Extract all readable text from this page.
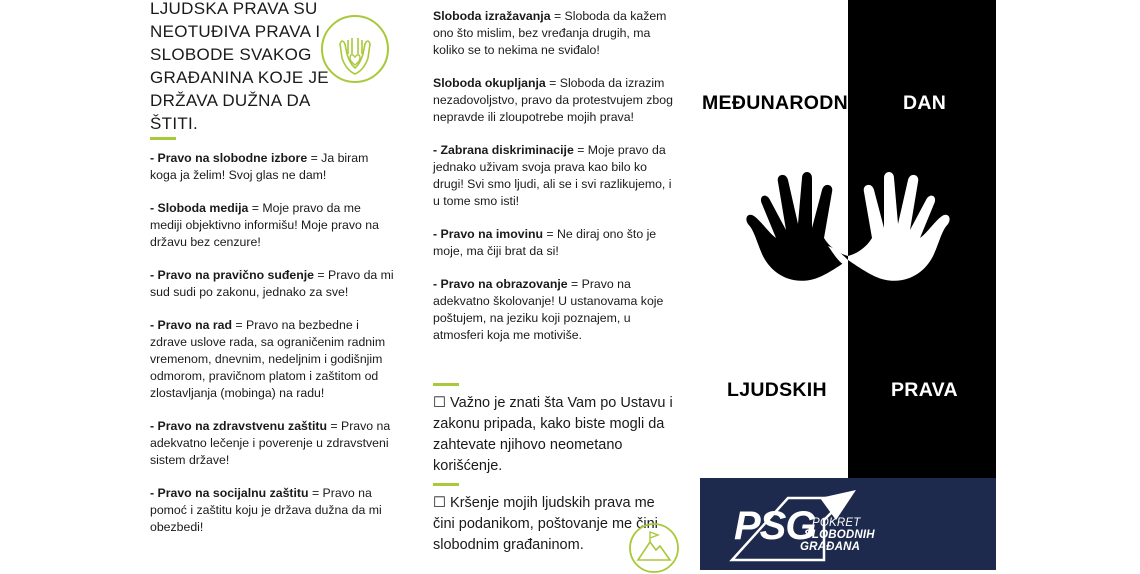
LJUDSKA PRAVA SU

NEOTUĐIVA PRAVA I

SLOBODE SVAKOG

GRAĐANINA KOJE JE

DRŽAVA DUŽNA DA ŠTITI.

- Pravo na slobodne izbore = Ja biram koga ja želim! Svoj glas ne dam!

- Sloboda medija = Moje pravo da me mediji objektivno informišu! Moje pravo na državu bez cenzure!

- Pravo na pravično suđenje = Pravo da mi sud sudi po zakonu, jednako za sve!

- Pravo na rad = Pravo na bezbedne i zdrave uslove rada, sa ograničenim radnim vremenom, dnevnim, nedeljnim i godišnjim odmorom, pravičnom platom i zaštitom od zlostavljanja (mobinga) na radu!

- Pravo na zdravstvenu zaštitu = Pravo na adekvatno lečenje i poverenje u zdravstveni sistem države!

- Pravo na socijalnu zaštitu = Pravo na pomoć i zaštitu koju je država dužna da mi obezbedi!

Sloboda izražavanja = Sloboda da kažem ono što mislim, bez vređanja drugih, ma koliko se to nekima ne sviđalo!

Sloboda okupljanja = Sloboda da izrazim nezadovoljstvo, pravo da protestvujem zbog nepravde ili zloupotrebe mojih prava!

- Zabrana diskriminacije = Moje pravo da jednako uživam svoja prava kao bilo ko drugi! Svi smo ljudi, ali se i svi razlikujemo, i u tome smo isti!

- Pravo na imovinu = Ne diraj ono što je moje, ma čiji brat da si!

- Pravo na obrazovanje = Pravo na adekvatno školovanje! U ustanovama koje poštujem, na jeziku koji poznajem, u atmosferi koja me motiviše.

☐ Važno je znati šta Vam po Ustavu i zakonu pripada, kako biste mogli da zahtevate njihovo neometano korišćenje.

☐ Kršenje mojih ljudskih prava me čini podanikom, poštovanje me čini slobodnim građaninom.

MEĐUNARODNI	DAN
LJUDSKIH	PRAVA
PSG
POKRET
SLOBODNIH
GRAĐANA
